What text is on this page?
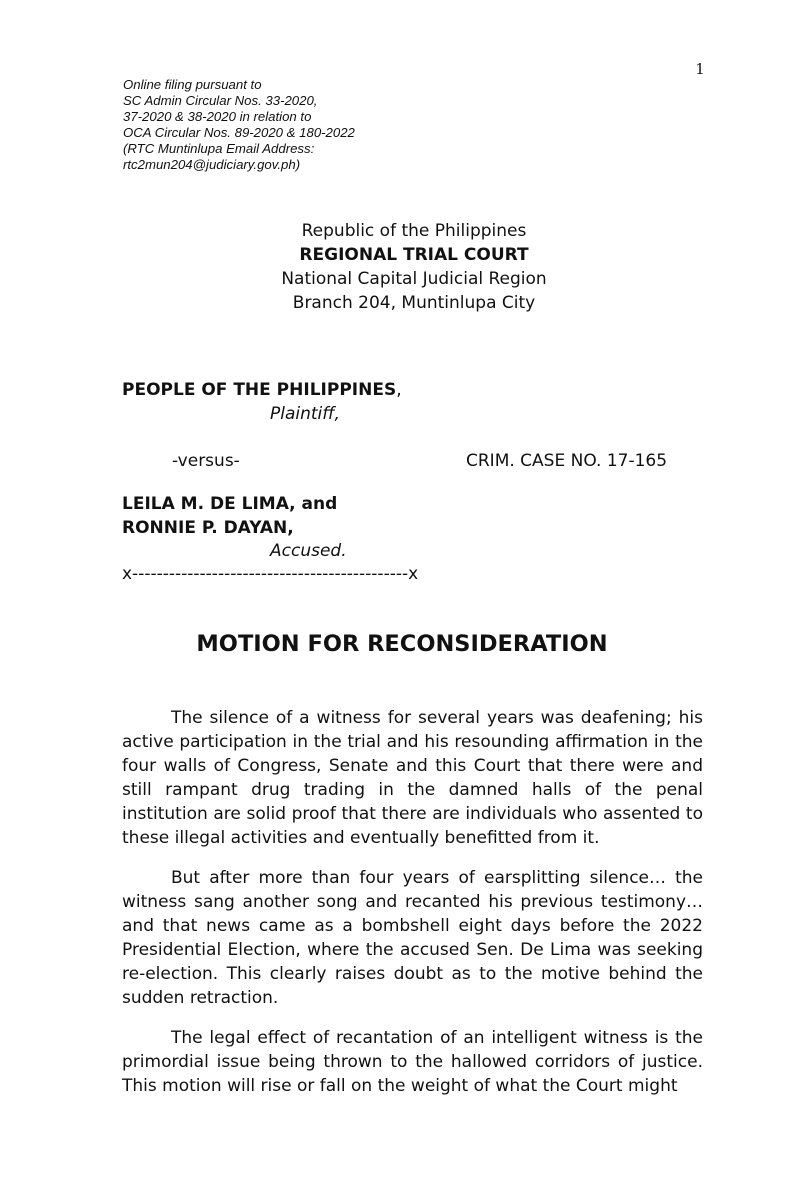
1
Online filing pursuant to
SC Admin Circular Nos. 33-2020,
37-2020 & 38-2020 in relation to
OCA Circular Nos. 89-2020 & 180-2022
(RTC Muntinlupa Email Address:
rtc2mun204@judiciary.gov.ph)
Republic of the Philippines
REGIONAL TRIAL COURT
National Capital Judicial Region
Branch 204, Muntinlupa City
PEOPLE OF THE PHILIPPINES,
Plaintiff,
-versus-	CRIM. CASE NO. 17-165
LEILA M. DE LIMA, and
RONNIE P. DAYAN,
Accused.
x---------------------------------------------x
MOTION FOR RECONSIDERATION

The silence of a witness for several years was deafening; his active participation in the trial and his resounding affirmation in the four walls of Congress, Senate and this Court that there were and still rampant drug trading in the damned halls of the penal institution are solid proof that there are individuals who assented to these illegal activities and eventually benefitted from it.

But after more than four years of earsplitting silence… the witness sang another song and recanted his previous testimony… and that news came as a bombshell eight days before the 2022 Presidential Election, where the accused Sen. De Lima was seeking re-election. This clearly raises doubt as to the motive behind the sudden retraction.

The legal effect of recantation of an intelligent witness is the primordial issue being thrown to the hallowed corridors of justice. This motion will rise or fall on the weight of what the Court might
